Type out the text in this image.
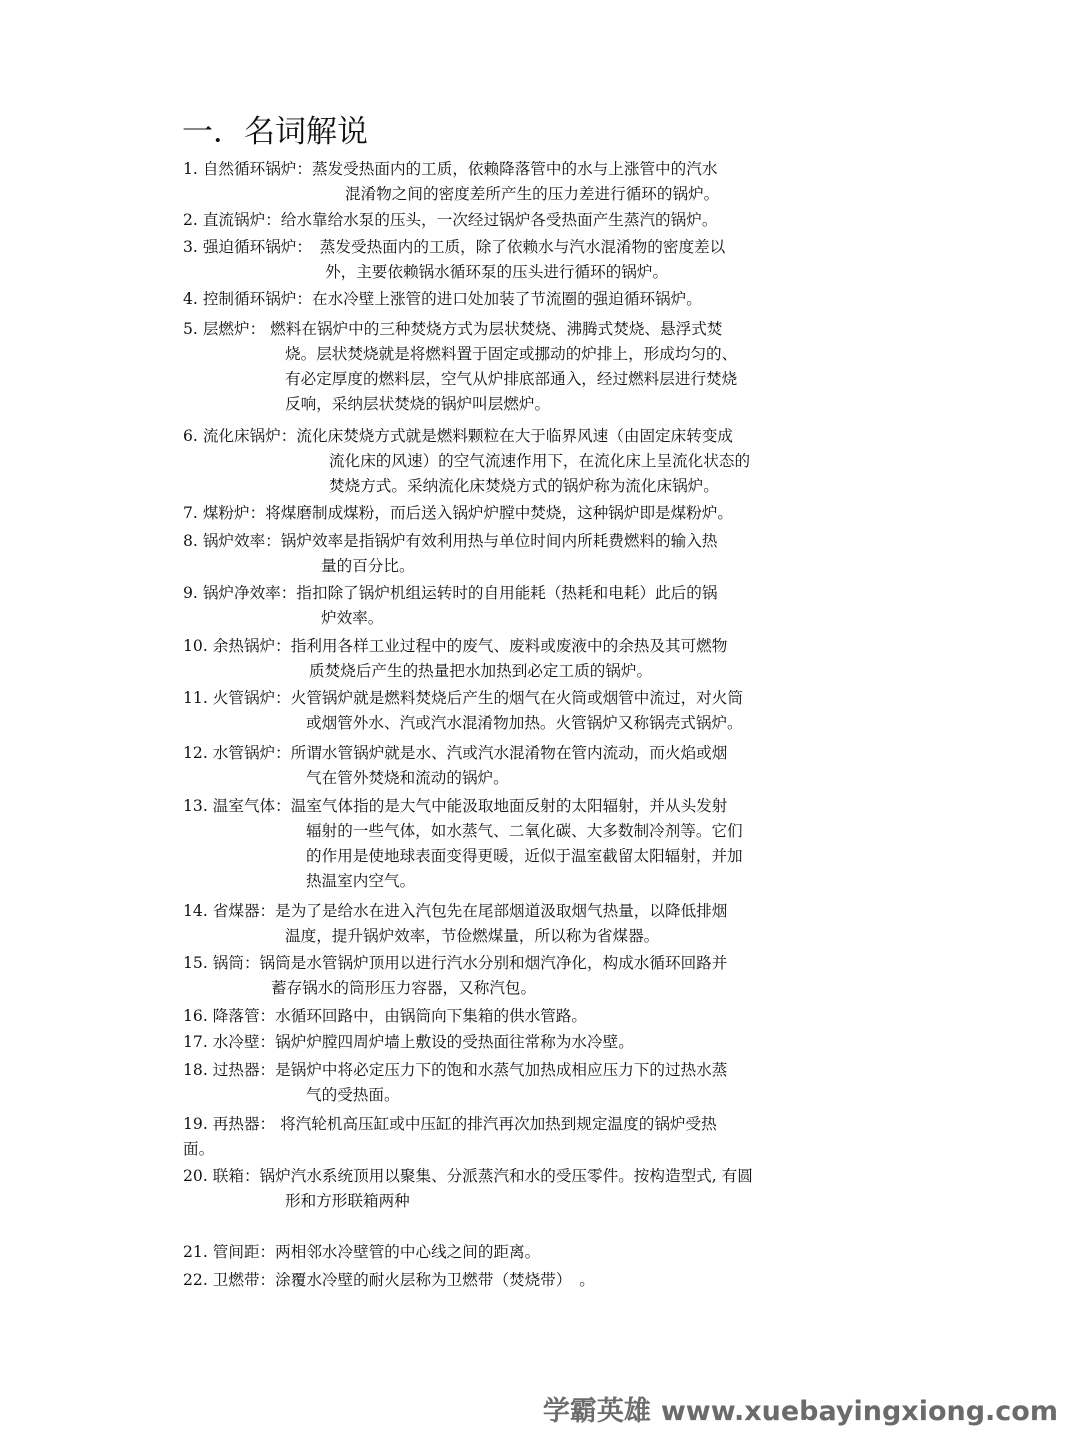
一．名词解说
1. 自然循环锅炉：蒸发受热面内的工质，依赖降落管中的水与上涨管中的汽水
混淆物之间的密度差所产生的压力差进行循环的锅炉。
2. 直流锅炉：给水靠给水泵的压头，一次经过锅炉各受热面产生蒸汽的锅炉。
3. 强迫循环锅炉：　蒸发受热面内的工质，除了依赖水与汽水混淆物的密度差以
外，主要依赖锅水循环泵的压头进行循环的锅炉。
4. 控制循环锅炉：在水冷壁上涨管的进口处加装了节流圈的强迫循环锅炉。
5. 层燃炉： 燃料在锅炉中的三种焚烧方式为层状焚烧、沸腾式焚烧、悬浮式焚
烧。层状焚烧就是将燃料置于固定或挪动的炉排上，形成均匀的、
有必定厚度的燃料层，空气从炉排底部通入，经过燃料层进行焚烧
反响，采纳层状焚烧的锅炉叫层燃炉。
6. 流化床锅炉：流化床焚烧方式就是燃料颗粒在大于临界风速（由固定床转变成
流化床的风速）的空气流速作用下，在流化床上呈流化状态的
焚烧方式。采纳流化床焚烧方式的锅炉称为流化床锅炉。
7. 煤粉炉：将煤磨制成煤粉，而后送入锅炉炉膛中焚烧，这种锅炉即是煤粉炉。
8. 锅炉效率：锅炉效率是指锅炉有效利用热与单位时间内所耗费燃料的输入热
量的百分比。
9. 锅炉净效率：指扣除了锅炉机组运转时的自用能耗（热耗和电耗）此后的锅
炉效率。
10. 余热锅炉：指利用各样工业过程中的废气、废料或废液中的余热及其可燃物
质焚烧后产生的热量把水加热到必定工质的锅炉。
11. 火管锅炉：火管锅炉就是燃料焚烧后产生的烟气在火筒或烟管中流过，对火筒
或烟管外水、汽或汽水混淆物加热。火管锅炉又称锅壳式锅炉。
12. 水管锅炉：所谓水管锅炉就是水、汽或汽水混淆物在管内流动，而火焰或烟
气在管外焚烧和流动的锅炉。
13. 温室气体：温室气体指的是大气中能汲取地面反射的太阳辐射，并从头发射
辐射的一些气体，如水蒸气、二氧化碳、大多数制冷剂等。它们
的作用是使地球表面变得更暖，近似于温室截留太阳辐射，并加
热温室内空气。
14. 省煤器：是为了是给水在进入汽包先在尾部烟道汲取烟气热量，以降低排烟
温度，提升锅炉效率，节俭燃煤量，所以称为省煤器。
15. 锅筒：锅筒是水管锅炉顶用以进行汽水分别和烟汽净化，构成水循环回路并
蓄存锅水的筒形压力容器，又称汽包。
16. 降落管：水循环回路中，由锅筒向下集箱的供水管路。
17. 水冷壁：锅炉炉膛四周炉墙上敷设的受热面往常称为水冷壁。
18. 过热器：是锅炉中将必定压力下的饱和水蒸气加热成相应压力下的过热水蒸
气的受热面。
19. 再热器： 将汽轮机高压缸或中压缸的排汽再次加热到规定温度的锅炉受热
面。
20. 联箱：锅炉汽水系统顶用以聚集、分派蒸汽和水的受压零件。按构造型式, 有圆
形和方形联箱两种
21. 管间距：两相邻水冷壁管的中心线之间的距离。
22. 卫燃带：涂覆水冷壁的耐火层称为卫燃带（焚烧带）　。
学霸英雄 www.xuebayingxiong.com
